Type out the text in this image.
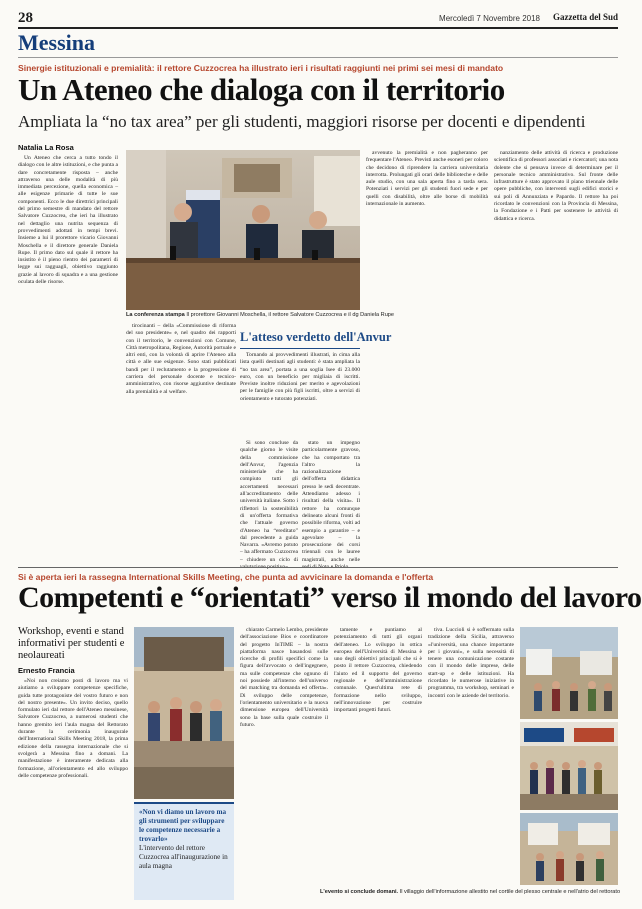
28	Mercoledì 7 Novembre 2018 Gazzetta del Sud
Messina
Sinergie istituzionali e premialità: il rettore Cuzzocrea ha illustrato ieri i risultati raggiunti nei primi sei mesi di mandato
Un Ateneo che dialoga con il territorio
Ampliata la “no tax area” per gli studenti, maggiori risorse per docenti e dipendenti
Natalia La Rosa

Un Ateneo che cerca a tutto tondo il dialogo con le altre istituzioni, e che punta a dare concretamente risposta – anche attraverso una delle modalità di più immediata percezione, quella economica – alle esigenze primarie di tutte le sue componenti. Ecco le due direttrici principali del primo semestre di mandato del rettore Salvatore Cuzzocrea, che ieri ha illustrato nel dettaglio una nutrita sequenza di provvedimenti adottati in tempi brevi. Insieme a lui il prorettore vicario Giovanni Moschella e il direttore generale Daniela Rupe. Il primo dato sul quale il rettore ha insistito è il pieno rientro dei parametri di legge sui ragguagli, obiettivo raggiunto grazie al lavoro di squadra e a una gestione oculata delle risorse.

La conferenza stampa Il prorettore Giovanni Moschella, il rettore Salvatore Cuzzocrea e il dg Daniela Rupe

tirocinanti – della «Commissione di riforma del suo presidente» e, nel quadro dei rapporti con il territorio, le convenzioni con Comune, Città metropolitana, Regione, Autorità portuale e altri enti, con la volontà di aprire l'Ateneo alla città e alle sue esigenze. Sono stati pubblicati bandi per il reclutamento e la progressione di carriera del personale docente e tecnico-amministrativo, con risorse aggiuntive destinate alla premialità e al welfare.

L'atteso verdetto dell'Anvur

Tornando ai provvedimenti illustrati, in cima alla lista quelli destinati agli studenti: è stata ampliata la “no tax area”, portata a una soglia Isee di 23.000 euro, con un beneficio per migliaia di iscritti. Previste inoltre riduzioni per merito e agevolazioni per le famiglie con più figli iscritti, oltre a servizi di orientamento e tutorato potenziati.

Si sono concluse da qualche giorno le visite della commissione dell'Anvur, l'agenzia ministeriale che ha compiuto tutti gli accertamenti necessari all'accreditamento delle università italiane. Sotto i riflettori la sostenibilità di un'offerta formativa che l'attuale governo d'Ateneo ha “ereditato” dal precedente a guida Navarra. «Avremo potuto – ha affermato Cuzzocrea – chiudere un ciclo di

stato un impegno particolarmente gravoso, che ha comportato tra l'altro la razionalizzazione dell'offerta didattica presso le sedi decentrate. Attendiamo adesso i risultati della visita». Il rettore ha comunque delineato alcuni fronti di possibile riforma, volti ad esempio a garantire – e agevolare – la prosecuzione dei corsi triennali con le lauree magistrali, anche nelle

avvenuto la premialità e non pagheranno per frequentare l'Ateneo. Previsti anche esoneri per coloro che decidono di riprendere la carriera universitaria interrotta. Prolungati gli orari delle biblioteche e delle aule studio, con una sala aperta fino a tarda sera. Potenziati i servizi per gli studenti fuori sede e per quelli con disabilità, oltre alle borse di mobilità internazionale in aumento.

nanziamento delle attività di ricerca e produzione scientifica di professori associati e ricercatori; una nota dolente che si pensava invece di determinare per il personale tecnico amministrativo. Sul fronte delle infrastrutture è stato approvato il piano triennale delle opere pubbliche, con interventi sugli edifici storici e sui poli di Annunziata e Papardo. Il rettore ha poi ricordato le convenzioni con la Provincia di Messina, la Fondazione e i Patti per sostenere le attività di didattica e ricerca.

Si è aperta ieri la rassegna International Skills Meeting, che punta ad avvicinare la domanda e l'offerta
Competenti e “orientati” verso il mondo del lavoro
Workshop, eventi e stand informativi per studenti e neolaureati
Ernesto Francia

«Noi non creiamo posti di lavoro ma vi aiutiamo a sviluppare competenze specifiche, guida tutte protagoniste del vostro futuro e non del nostro presente». Un invito deciso, quello formulato ieri dal rettore dell'Ateneo messinese, Salvatore Cuzzocrea, a numerosi studenti che hanno gremito ieri l'aula magna del Rettorato durante la cerimonia inaugurale dell'International Skills Meeting 2018, la prima edizione della rassegna internazionale che si svolgerà a Messina fino a domani. La manifestazione è interamente dedicata alla formazione, all'orientamento ed allo sviluppo delle competenze professionali.

«Non vi diamo un lavoro ma gli strumenti per sviluppare le competenze necessarie a trovarlo»
L'intervento del rettore Cuzzocrea all'inaugurazione in aula magna

chiarato Carmelo Lembo, presidente dell'associazione Bios e coordinatore del progetto InTIME – la nostra piattaforma nasce basandosi sulle ricerche di profili specifici come la figura dell'avvocato o dell'ingegnere, ma sulle competenze che ognuno di noi possiede all'interno dell'universo del matching tra domanda ed offerta». Di sviluppo delle competenze, l'orientamento universitario e la nuova dimensione europea dell'Università sono la base sulla quale costruire il futuro.

tamente e puntiamo al potenziamento di tutti gli organi dell'ateneo. Lo sviluppo in ottica europea dell'Università di Messina è uno degli obiettivi principali che si è posto il rettore Cuzzocrea, chiedendo l'aiuto ed il supporto del governo regionale e dell'amministrazione comunale. Quest'ultima rete di formazione nello sviluppo, nell'innovazione per costruire importanti progetti futuri.

tiva. Luccioli si è soffermato sulla tradizione della Sicilia, attraverso «l'università, una chance importante per i giovani», e sulla necessità di tenere una comunicazione costante con il mondo delle imprese, delle start-up e delle istituzioni. Ha ricordato le numerose iniziative in programma, tra workshop, seminari e incontri con le aziende del territorio.

L'evento si conclude domani. Il villaggio dell'informazione allestito nel cortile del plesso centrale e nell'atrio del rettorato
